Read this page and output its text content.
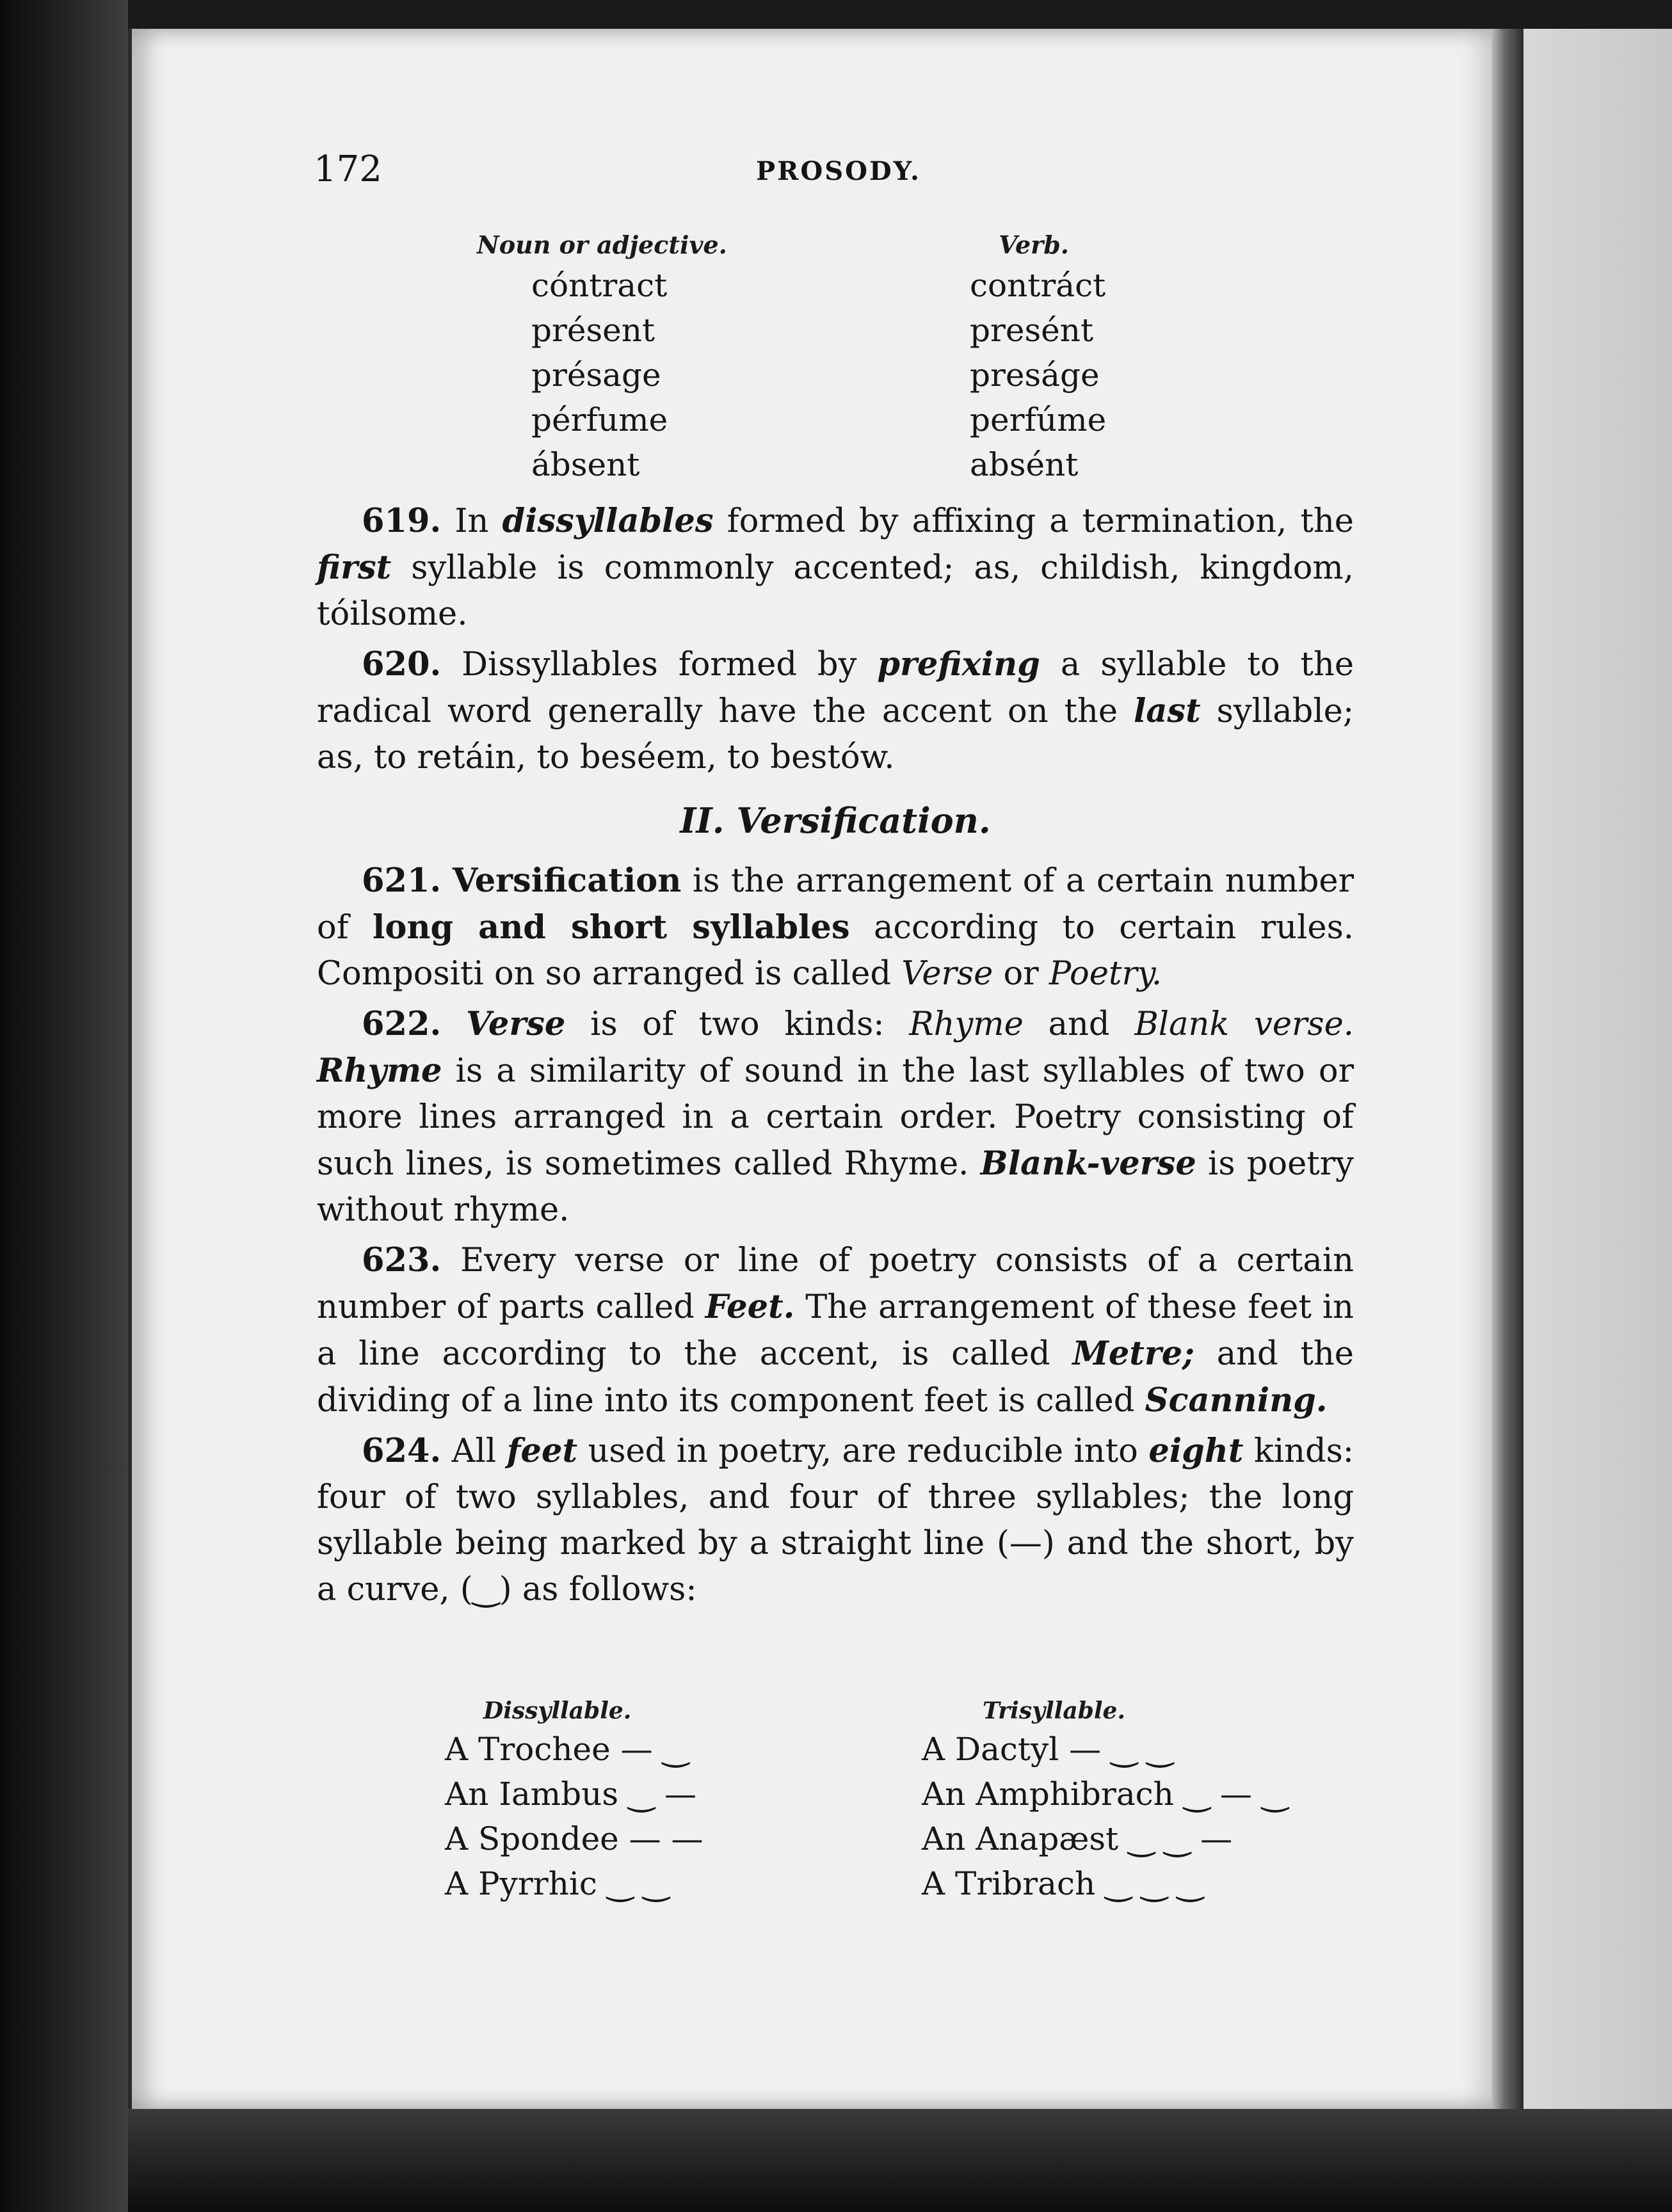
172	PROSODY.
Noun or adjective.
cóntract
présent
présage
pérfume
ábsent
Verb.
contráct
presént
preságe
perfúme
absént

619. In dissyllables formed by affixing a termination, the first syllable is commonly accented; as, childish, kingdom, tóilsome.

620. Dissyllables formed by prefixing a syllable to the radical word generally have the accent on the last syllable; as, to retáin, to beséem, to bestów.

II. Versification.

621. Versification is the arrangement of a certain number of long and short syllables according to certain rules. Compositi on so arranged is called Verse or Poetry.

622. Verse is of two kinds: Rhyme and Blank verse. Rhyme is a similarity of sound in the last syllables of two or more lines arranged in a certain order. Poetry consisting of such lines, is sometimes called Rhyme. Blank-verse is poetry without rhyme.

623. Every verse or line of poetry consists of a certain number of parts called Feet. The arrangement of these feet in a line according to the accent, is called Metre; and the dividing of a line into its component feet is called Scanning.

624. All feet used in poetry, are reducible into eight kinds: four of two syllables, and four of three syllables; the long syllable being marked by a straight line (—) and the short, by a curve, (‿) as follows:

Dissyllable.
A Trochee — ‿
An Iambus ‿ —
A Spondee — —
A Pyrrhic ‿ ‿
Trisyllable.
A Dactyl — ‿ ‿
An Amphibrach ‿ — ‿
An Anapæst ‿ ‿ —
A Tribrach ‿ ‿ ‿
